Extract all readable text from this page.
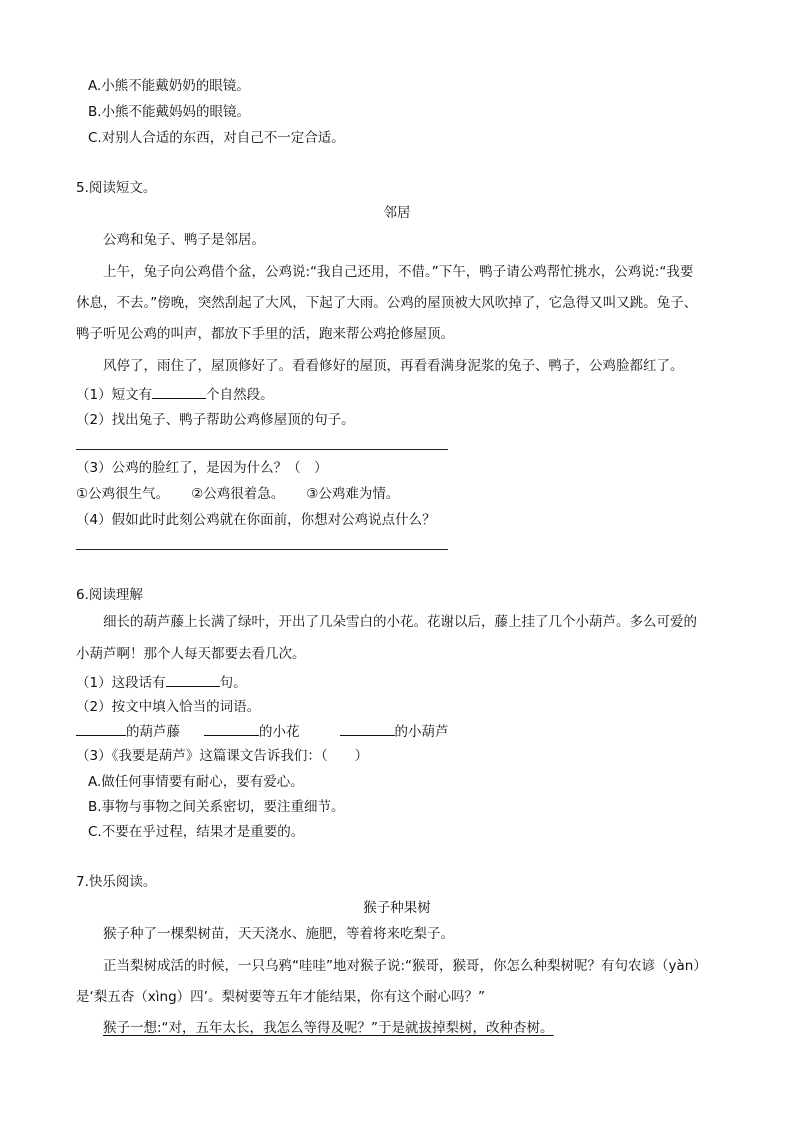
A.小熊不能戴奶奶的眼镜。
B.小熊不能戴妈妈的眼镜。
C.对别人合适的东西，对自己不一定合适。
5.阅读短文。
邻居
公鸡和兔子、鸭子是邻居。
上午，兔子向公鸡借个盆，公鸡说:“我自己还用，不借。”下午，鸭子请公鸡帮忙挑水，公鸡说:“我要
休息，不去。”傍晚，突然刮起了大风，下起了大雨。公鸡的屋顶被大风吹掉了，它急得又叫又跳。兔子、
鸭子听见公鸡的叫声，都放下手里的活，跑来帮公鸡抢修屋顶。
风停了，雨住了，屋顶修好了。看看修好的屋顶，再看看满身泥浆的兔子、鸭子，公鸡脸都红了。
（1）短文有	个自然段。
（2）找出兔子、鸭子帮助公鸡修屋顶的句子。
（3）公鸡的脸红了，是因为什么？（　）
①公鸡很生气。 ②公鸡很着急。 ③公鸡难为情。
（4）假如此时此刻公鸡就在你面前，你想对公鸡说点什么？
6.阅读理解
细长的葫芦藤上长满了绿叶，开出了几朵雪白的小花。花谢以后，藤上挂了几个小葫芦。多么可爱的
小葫芦啊！那个人每天都要去看几次。
（1）这段话有	句。
（2）按文中填入恰当的词语。
的葫芦藤	的小花	的小葫芦
（3）《我要是葫芦》这篇课文告诉我们：（　　）
A.做任何事情要有耐心，要有爱心。
B.事物与事物之间关系密切，要注重细节。
C.不要在乎过程，结果才是重要的。
7.快乐阅读。
猴子种果树
猴子种了一棵梨树苗，天天浇水、施肥，等着将来吃梨子。
正当梨树成活的时候，一只乌鸦“哇哇”地对猴子说:“猴哥，猴哥，你怎么种梨树呢？有句农谚（yàn）
是‘梨五杏（xìng）四’。梨树要等五年才能结果，你有这个耐心吗？”
猴子一想:“对，五年太长，我怎么等得及呢？”于是就拔掉梨树，改种杏树。
